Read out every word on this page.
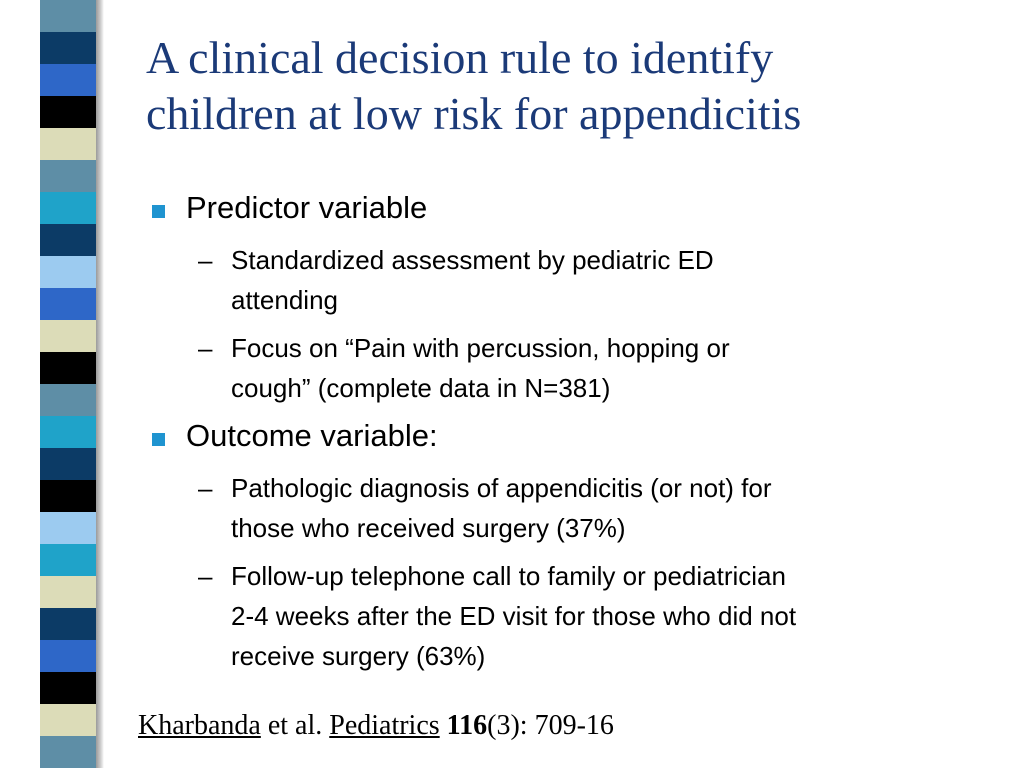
A clinical decision rule to identify
children at low risk for appendicitis
Predictor variable
– Standardized assessment by pediatric ED
attending
– Focus on “Pain with percussion, hopping or
cough” (complete data in N=381)
Outcome variable:
– Pathologic diagnosis of appendicitis (or not) for
those who received surgery (37%)
– Follow-up telephone call to family or pediatrician
2-4 weeks after the ED visit for those who did not
receive surgery (63%)
Kharbanda et al. Pediatrics 116(3): 709-16
